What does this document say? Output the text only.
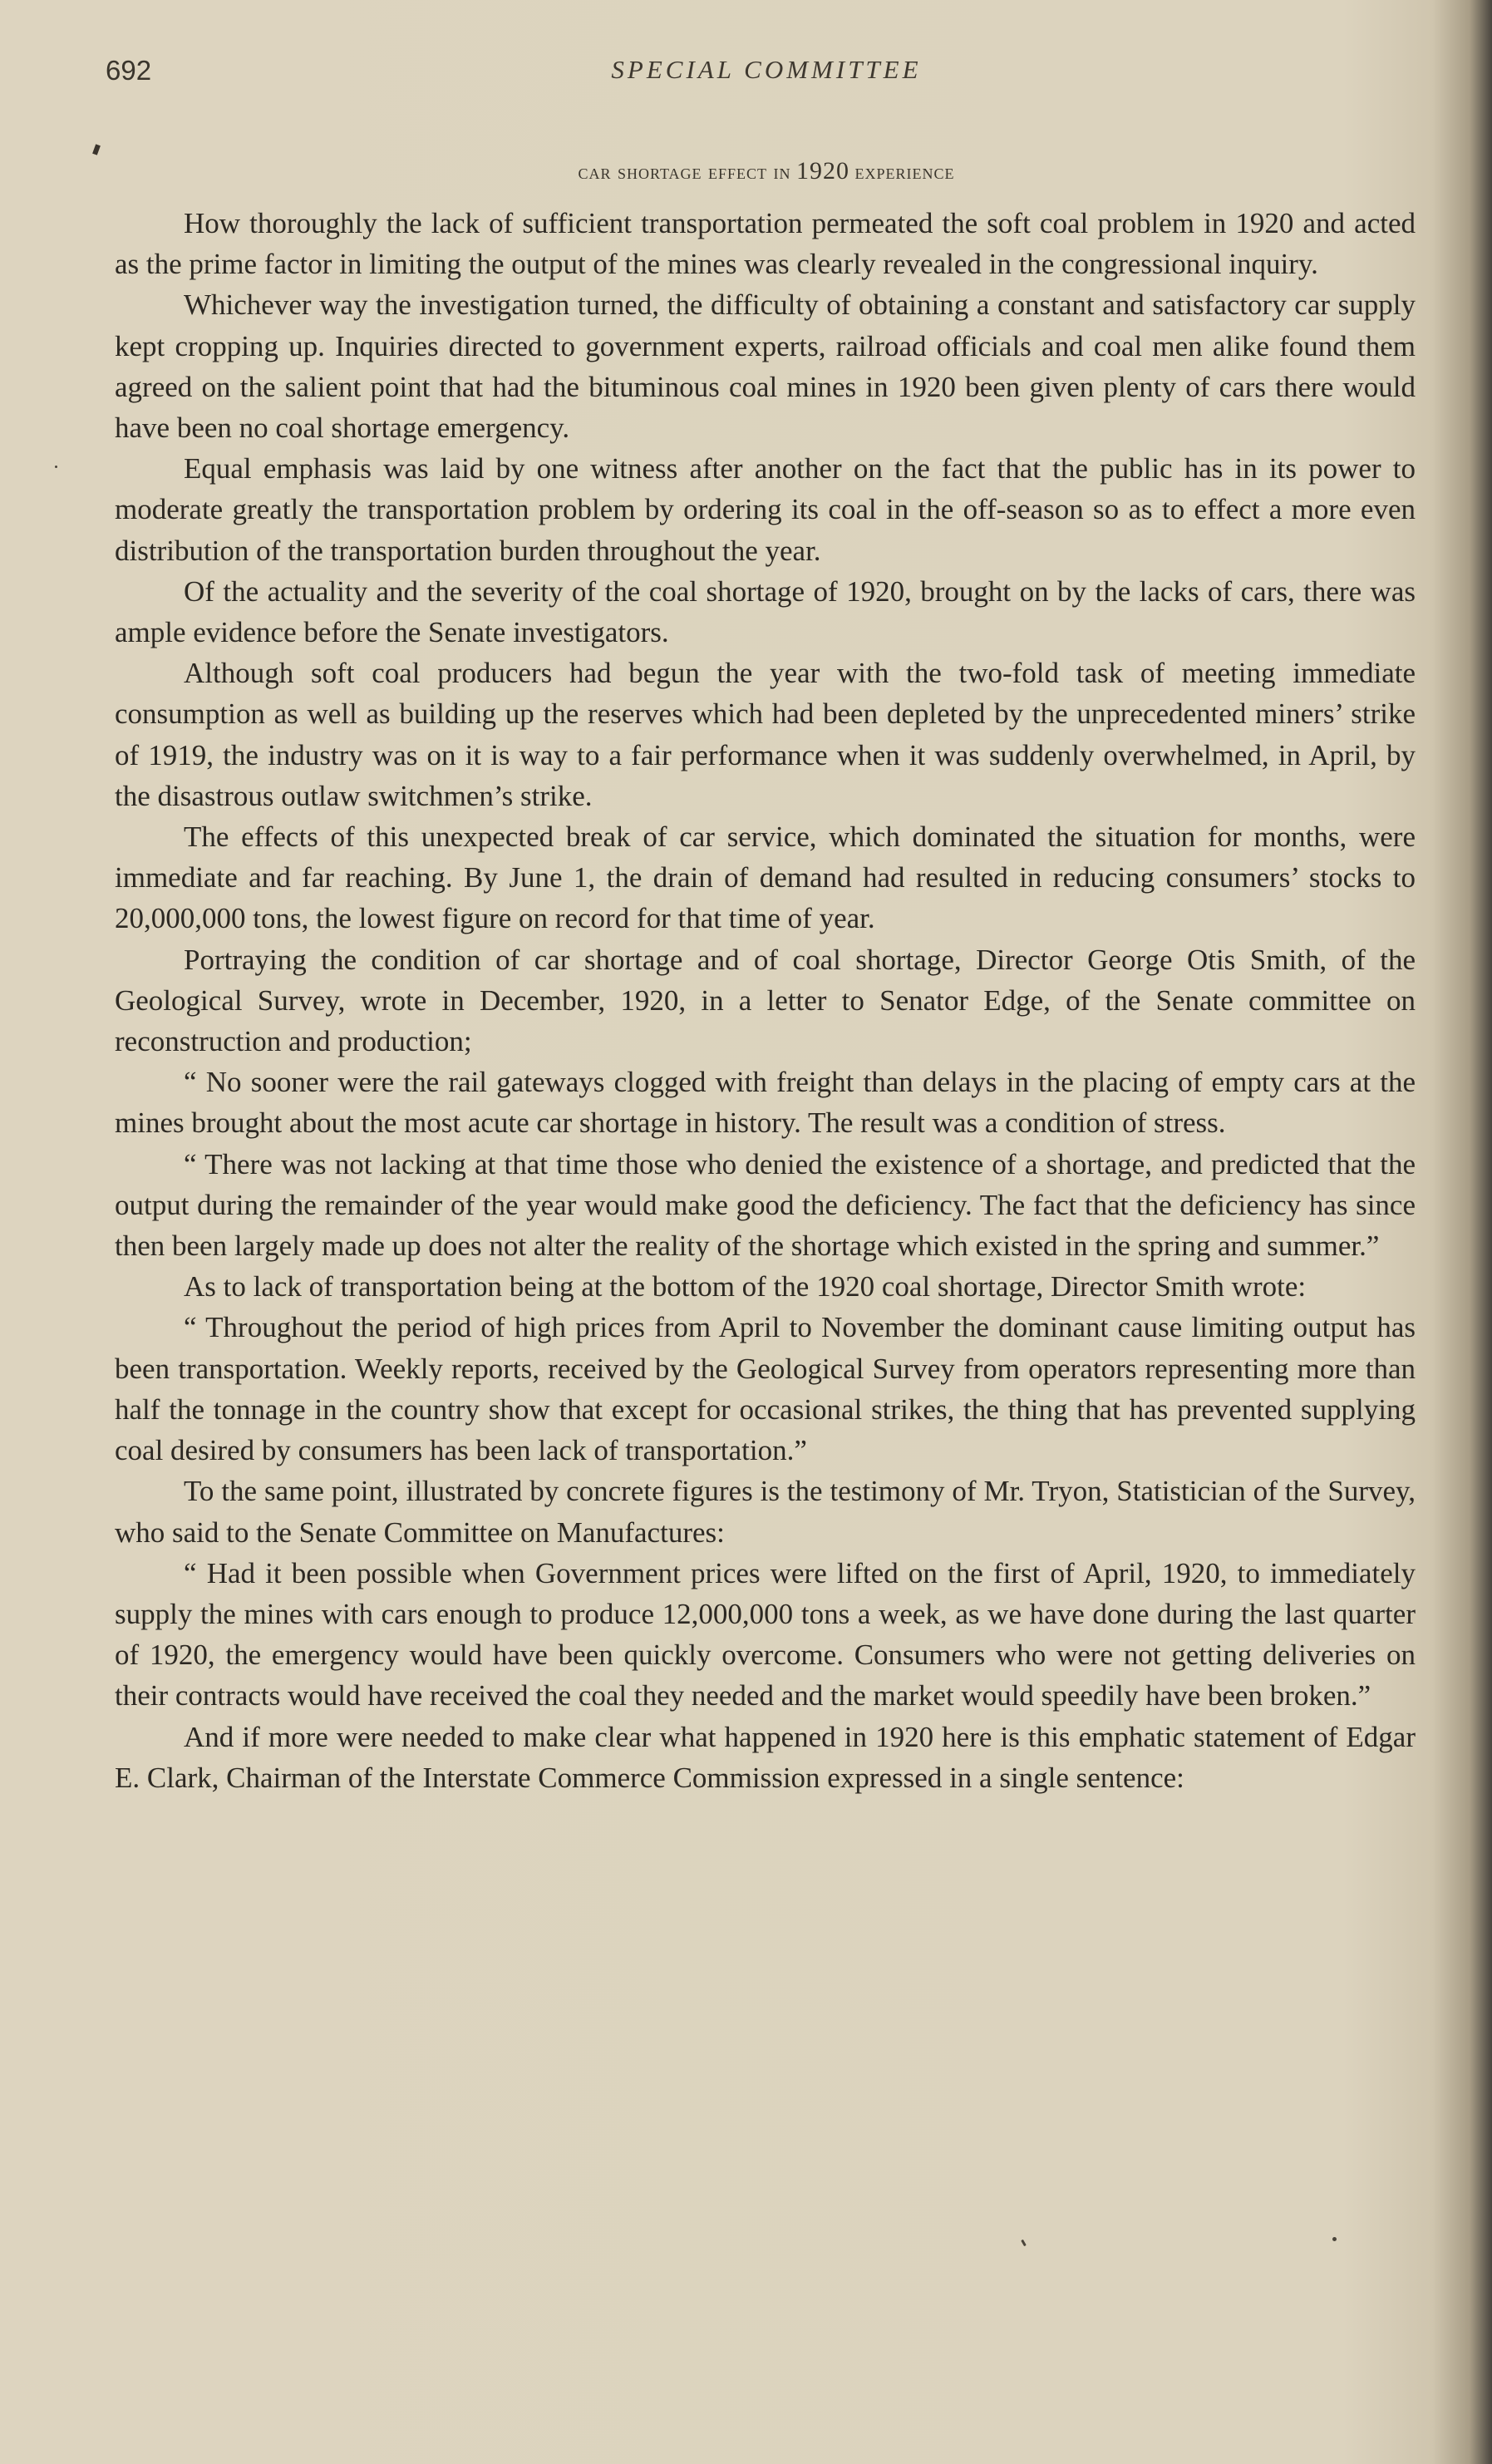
692	SPECIAL COMMITTEE
car shortage effect in 1920 experience

How thoroughly the lack of sufficient transportation permeated the soft coal problem in 1920 and acted as the prime factor in limiting the output of the mines was clearly revealed in the congressional inquiry.

Whichever way the investigation turned, the difficulty of obtaining a constant and satisfactory car supply kept cropping up. Inquiries directed to government experts, railroad officials and coal men alike found them agreed on the salient point that had the bituminous coal mines in 1920 been given plenty of cars there would have been no coal shortage emergency.

Equal emphasis was laid by one witness after another on the fact that the public has in its power to moderate greatly the transportation problem by ordering its coal in the off-season so as to effect a more even distribution of the transportation burden throughout the year.

Of the actuality and the severity of the coal shortage of 1920, brought on by the lacks of cars, there was ample evidence before the Senate investigators.

Although soft coal producers had begun the year with the two-fold task of meeting immediate consumption as well as building up the reserves which had been depleted by the unprecedented miners’ strike of 1919, the industry was on it is way to a fair performance when it was suddenly overwhelmed, in April, by the disastrous outlaw switchmen’s strike.

The effects of this unexpected break of car service, which dominated the situation for months, were immediate and far reaching. By June 1, the drain of demand had resulted in reducing consumers’ stocks to 20,000,000 tons, the lowest figure on record for that time of year.

Portraying the condition of car shortage and of coal shortage, Director George Otis Smith, of the Geological Survey, wrote in December, 1920, in a letter to Senator Edge, of the Senate committee on reconstruction and production;

“ No sooner were the rail gateways clogged with freight than delays in the placing of empty cars at the mines brought about the most acute car shortage in history. The result was a condition of stress.

“ There was not lacking at that time those who denied the existence of a shortage, and predicted that the output during the remainder of the year would make good the deficiency. The fact that the deficiency has since then been largely made up does not alter the reality of the shortage which existed in the spring and summer.”

As to lack of transportation being at the bottom of the 1920 coal shortage, Director Smith wrote:

“ Throughout the period of high prices from April to November the dominant cause limiting output has been transportation. Weekly reports, received by the Geological Survey from operators representing more than half the tonnage in the country show that except for occasional strikes, the thing that has prevented supplying coal desired by consumers has been lack of transportation.”

To the same point, illustrated by concrete figures is the testimony of Mr. Tryon, Statistician of the Survey, who said to the Senate Committee on Manufactures:

“ Had it been possible when Government prices were lifted on the first of April, 1920, to immediately supply the mines with cars enough to produce 12,000,000 tons a week, as we have done during the last quarter of 1920, the emergency would have been quickly overcome. Consumers who were not getting deliveries on their contracts would have received the coal they needed and the market would speedily have been broken.”

And if more were needed to make clear what happened in 1920 here is this emphatic statement of Edgar E. Clark, Chairman of the Interstate Commerce Commission expressed in a single sentence:
